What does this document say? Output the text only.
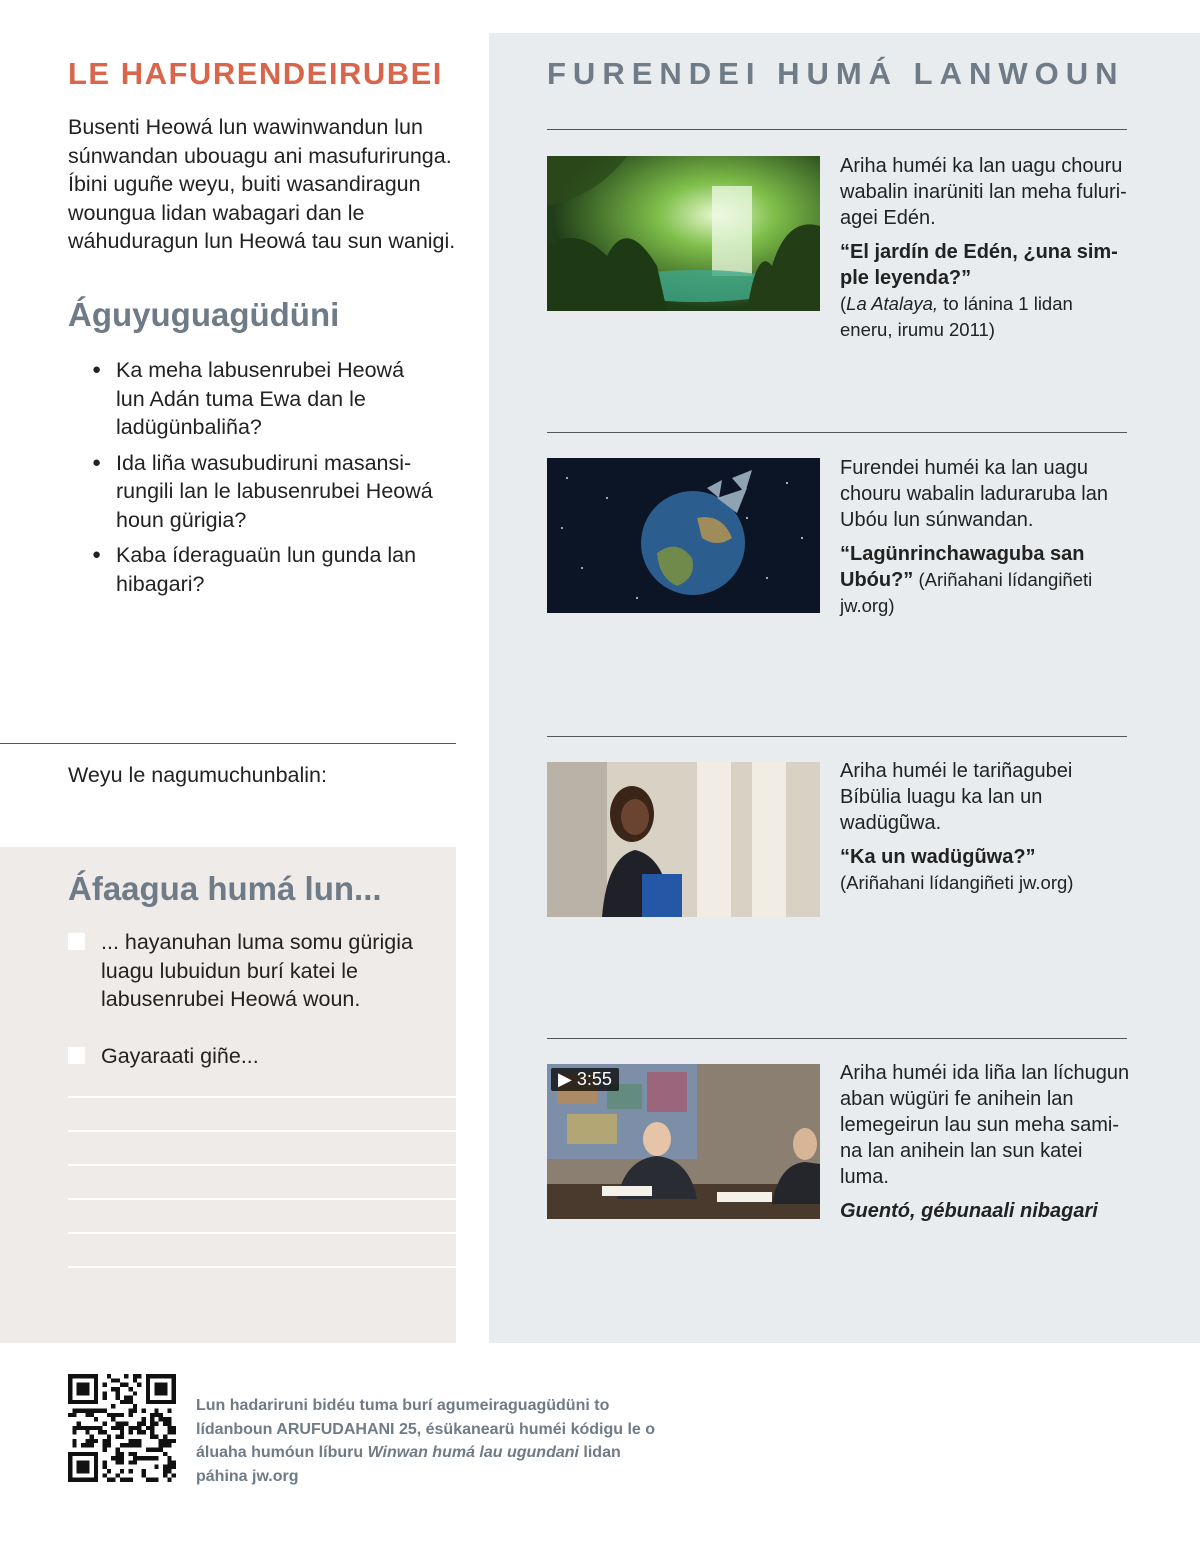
LE HAFURENDEIRUBEI
Busenti Heowá lun wawinwandun lun súnwandan ubouagu ani masufurirunga. Íbini uguñe weyu, buiti wasandiragun woungua lidan wabagari dan le wáhuduragun lun Heowá tau sun wanigi.
Águyuguagüdüni
● Ka meha labusenrubei Heowá lun Adán tuma Ewa dan le ladügünbaliña?
● Ida liña wasubudiruni masansirungili lan le labusenrubei Heowá houn gürigia?
● Kaba íderaguaün lun gunda lan hibagari?
Weyu le nagumuchunbalin:
Áfaagua humá lun...
... hayanuhan luma somu gürigia luagu lubuidun burí katei le labusenrubei Heowá woun.
Gayaraati giñe...
FURENDEI HUMÁ LANWOUN

Ariha huméi ka lan uagu chouru wabalin inarüniti lan meha fuluri-agei Edén.

“El jardín de Edén, ¿una simple leyenda?”

(La Atalaya, to lánina 1 lidan eneru, irumu 2011)

Furendei huméi ka lan uagu chouru wabalin laduraruba lan Ubóu lun súnwandan.

“Lagünrinchawaguba san Ubóu?” (Ariñahani lídangiñeti jw.org)

Ariha huméi le tariñagubei Bíbülia luagu ka lan un wadügũwa.

“Ka un wadügũwa?”

(Ariñahani lídangiñeti jw.org)

▶ 3:55	Ariha huméi ida liña lan líchugun aban wügüri fe anihein lan lemegeirun lau sun meha samina lan anihein lan sun katei luma.

Guentó, gébunaali nibagari

Lun hadariruni bidéu tuma burí agumeiraguagüdüni to lídanboun ARUFUDAHANI 25, ésükanearü huméi kódigu le o áluaha humóun líburu Winwan humá lau ugundani lidan páhina jw.org
